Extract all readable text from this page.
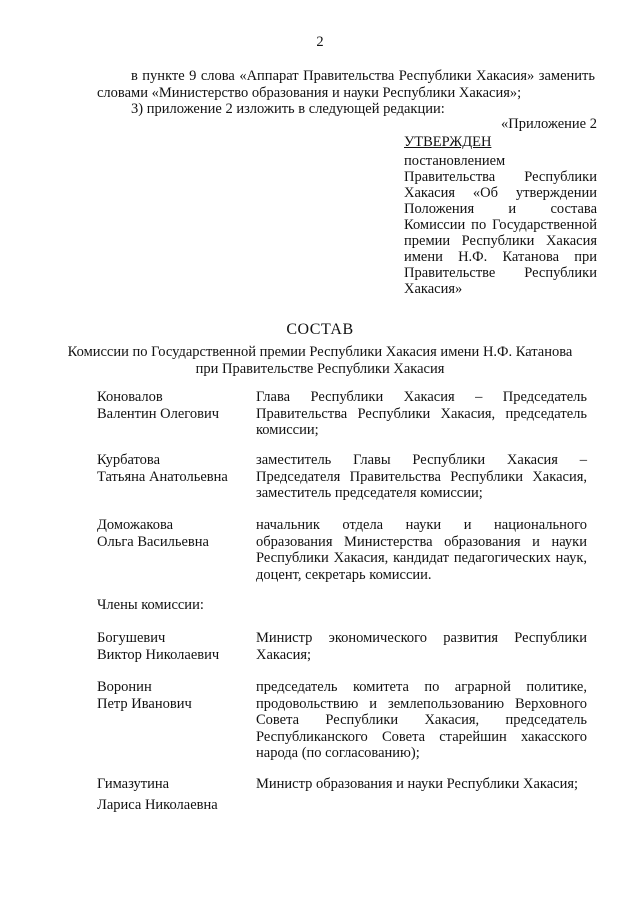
2

в пункте 9 слова «Аппарат Правительства Республики Хакасия» заменить словами «Министерство образования и науки Республики Хакасия»;

3) приложение 2 изложить в следующей редакции:

«Приложение 2
УТВЕРЖДЕН
постановлением Правительства Республики Хакасия «Об утверждении Положения и состава Комиссии по Государственной премии Республики Хакасия имени Н.Ф. Катанова при Правительстве Республики Хакасия»
СОСТАВ
Комиссии по Государственной премии Республики Хакасия имени Н.Ф. Катанова
при Правительстве Республики Хакасия
Коновалов
Валентин Олегович
Глава Республики Хакасия – Председатель Правительства Республики Хакасия, председатель комиссии;
Курбатова
Татьяна Анатольевна
заместитель Главы Республики Хакасия – Председателя Правительства Республики Хакасия, заместитель председателя комиссии;
Доможакова
Ольга Васильевна
начальник отдела науки и национального образования Министерства образования и науки Республики Хакасия, кандидат педагогических наук, доцент, секретарь комиссии.
Члены комиссии:
Богушевич
Виктор Николаевич
Министр экономического развития Республики Хакасия;
Воронин
Петр Иванович
председатель комитета по аграрной политике, продовольствию и землепользованию Верховного Совета Республики Хакасия, председатель Республиканского Совета старейшин хакасского народа (по согласованию);
Гимазутина
Лариса Николаевна
Министр образования и науки Республики Хакасия;
